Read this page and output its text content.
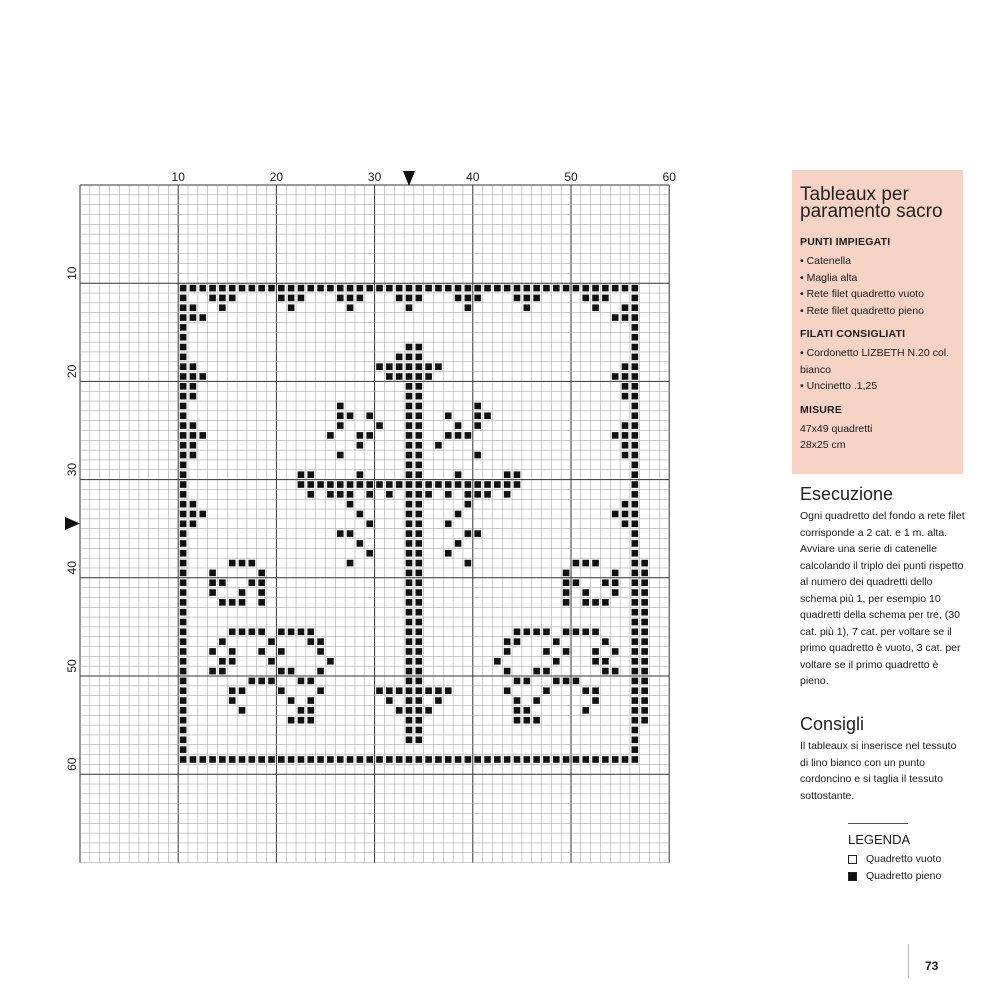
10	20	30	40	50	60
10
20
30
40
50
60
Tableaux per paramento sacro
PUNTI IMPIEGATI
• Catenella
• Maglia alta
• Rete filet quadretto vuoto
• Rete filet quadretto pieno
FILATI CONSIGLIATI
• Cordonetto LIZBETH N.20 col. bianco
• Uncinetto .1,25
MISURE
47x49 quadretti
28x25 cm
Esecuzione
Ogni quadretto del fondo a rete filet corrisponde a 2 cat. e 1 m. alta. Avviare una serie di catenelle calcolando il triplo dei punti rispetto al numero dei quadretti dello schema più 1, per esempio 10 quadretti della schema per tre, (30 cat. più 1), 7 cat. per voltare se il primo quadretto è vuoto, 3 cat. per voltare se il primo quadretto è pieno.
Consigli
Il tableaux si inserisce nel tessuto di lino bianco con un punto cordoncino e si taglia il tessuto sottostante.
LEGENDA
Quadretto vuoto
Quadretto pieno
73
